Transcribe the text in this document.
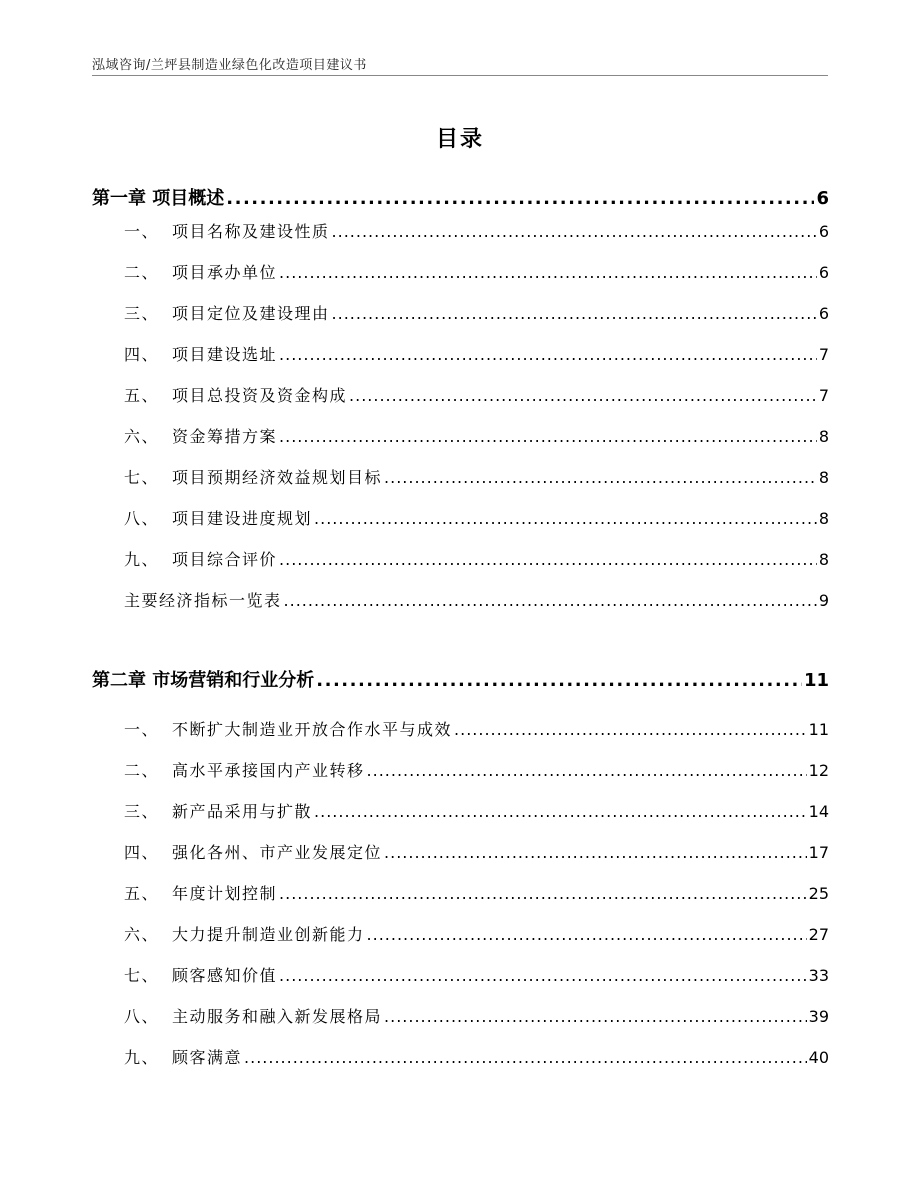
泓域咨询/兰坪县制造业绿色化改造项目建议书
目录
第一章 项目概述 .....	6
一、 项目名称及建设性质 .....	6
二、 项目承办单位 .....	6
三、 项目定位及建设理由 .....	6
四、 项目建设选址 .....	7
五、 项目总投资及资金构成 .....	7
六、 资金筹措方案 .....	8
七、 项目预期经济效益规划目标 .....	8
八、 项目建设进度规划 .....	8
九、 项目综合评价 .....	8
主要经济指标一览表 .....	9
第二章 市场营销和行业分析 .....	11
一、 不断扩大制造业开放合作水平与成效 .....	11
二、 高水平承接国内产业转移 .....	12
三、 新产品采用与扩散 .....	14
四、 强化各州、市产业发展定位 .....	17
五、 年度计划控制 .....	25
六、 大力提升制造业创新能力 .....	27
七、 顾客感知价值 .....	33
八、 主动服务和融入新发展格局 .....	39
九、 顾客满意 .....	40
